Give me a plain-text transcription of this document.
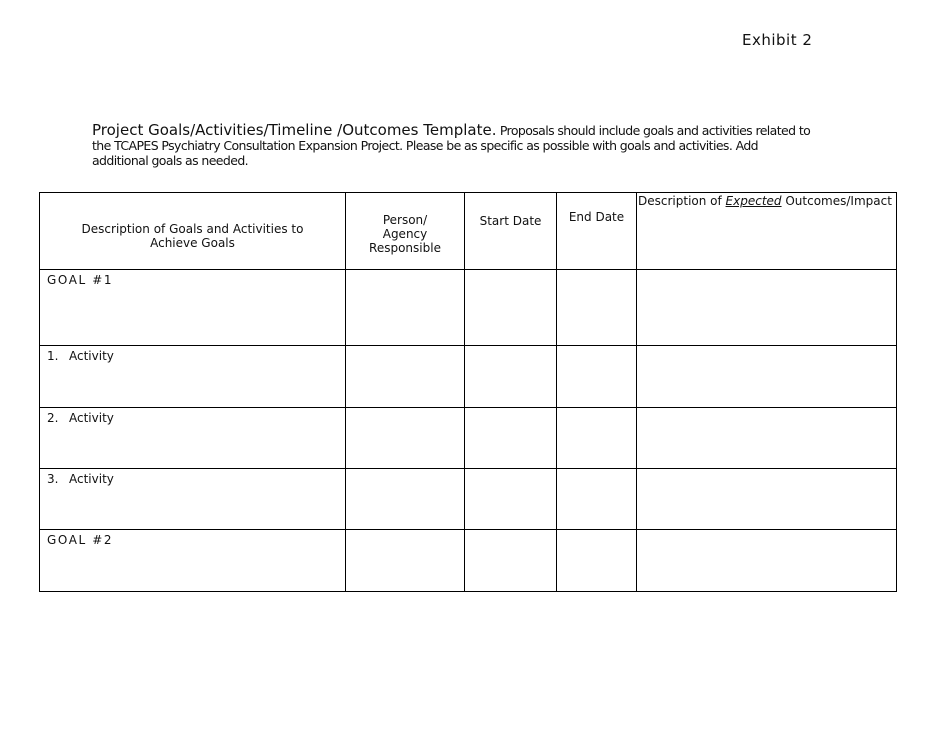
Exhibit 2
Project Goals/Activities/Timeline /Outcomes Template. Proposals should include goals and activities related to the TCAPES Psychiatry Consultation Expansion Project. Please be as specific as possible with goals and activities. Add additional goals as needed.
Description of Goals and Activities to Achieve Goals	Person/ Agency Responsible	Start Date	End Date	Description of Expected Outcomes/Impact

GOAL #1				

1. Activity				

2. Activity				

3. Activity				

GOAL #2				
